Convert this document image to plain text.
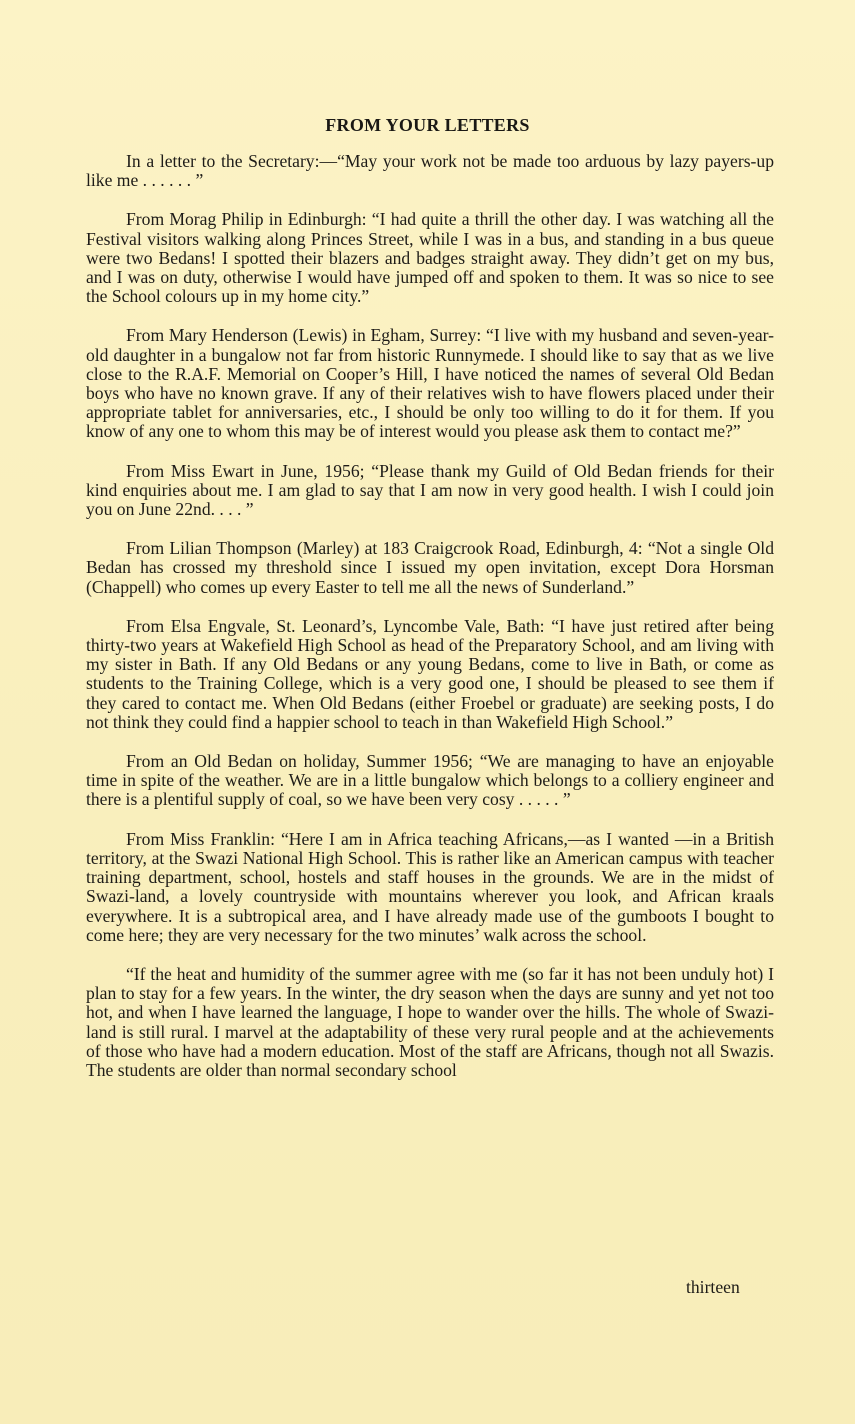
FROM YOUR LETTERS

In a letter to the Secretary:—“May your work not be made too arduous by lazy payers-up like me . . . . . . ”

From Morag Philip in Edinburgh: “I had quite a thrill the other day. I was watching all the Festival visitors walking along Princes Street, while I was in a bus, and standing in a bus queue were two Bedans! I spotted their blazers and badges straight away. They didn’t get on my bus, and I was on duty, otherwise I would have jumped off and spoken to them. It was so nice to see the School colours up in my home city.”

From Mary Henderson (Lewis) in Egham, Surrey: “I live with my husband and seven-year-old daughter in a bungalow not far from historic Runnymede. I should like to say that as we live close to the R.A.F. Memorial on Cooper’s Hill, I have noticed the names of several Old Bedan boys who have no known grave. If any of their relatives wish to have flowers placed under their appropriate tablet for anniversaries, etc., I should be only too willing to do it for them. If you know of any one to whom this may be of interest would you please ask them to contact me?”

From Miss Ewart in June, 1956; “Please thank my Guild of Old Bedan friends for their kind enquiries about me. I am glad to say that I am now in very good health. I wish I could join you on June 22nd. . . . ”

From Lilian Thompson (Marley) at 183 Craigcrook Road, Edinburgh, 4: “Not a single Old Bedan has crossed my threshold since I issued my open invitation, except Dora Horsman (Chappell) who comes up every Easter to tell me all the news of Sunderland.”

From Elsa Engvale, St. Leonard’s, Lyncombe Vale, Bath: “I have just retired after being thirty-two years at Wakefield High School as head of the Preparatory School, and am living with my sister in Bath. If any Old Bedans or any young Bedans, come to live in Bath, or come as students to the Training College, which is a very good one, I should be pleased to see them if they cared to contact me. When Old Bedans (either Froebel or graduate) are seeking posts, I do not think they could find a happier school to teach in than Wakefield High School.”

From an Old Bedan on holiday, Summer 1956; “We are managing to have an enjoyable time in spite of the weather. We are in a little bungalow which belongs to a colliery engineer and there is a plentiful supply of coal, so we have been very cosy . . . . . ”

From Miss Franklin: “Here I am in Africa teaching Africans,—as I wanted —in a British territory, at the Swazi National High School. This is rather like an American campus with teacher training department, school, hostels and staff houses in the grounds. We are in the midst of Swazi-land, a lovely countryside with mountains wherever you look, and African kraals everywhere. It is a subtropical area, and I have already made use of the gumboots I bought to come here; they are very necessary for the two minutes’ walk across the school.

“If the heat and humidity of the summer agree with me (so far it has not been unduly hot) I plan to stay for a few years. In the winter, the dry season when the days are sunny and yet not too hot, and when I have learned the language, I hope to wander over the hills. The whole of Swazi-land is still rural. I marvel at the adaptability of these very rural people and at the achievements of those who have had a modern education. Most of the staff are Africans, though not all Swazis. The students are older than normal secondary school

thirteen
